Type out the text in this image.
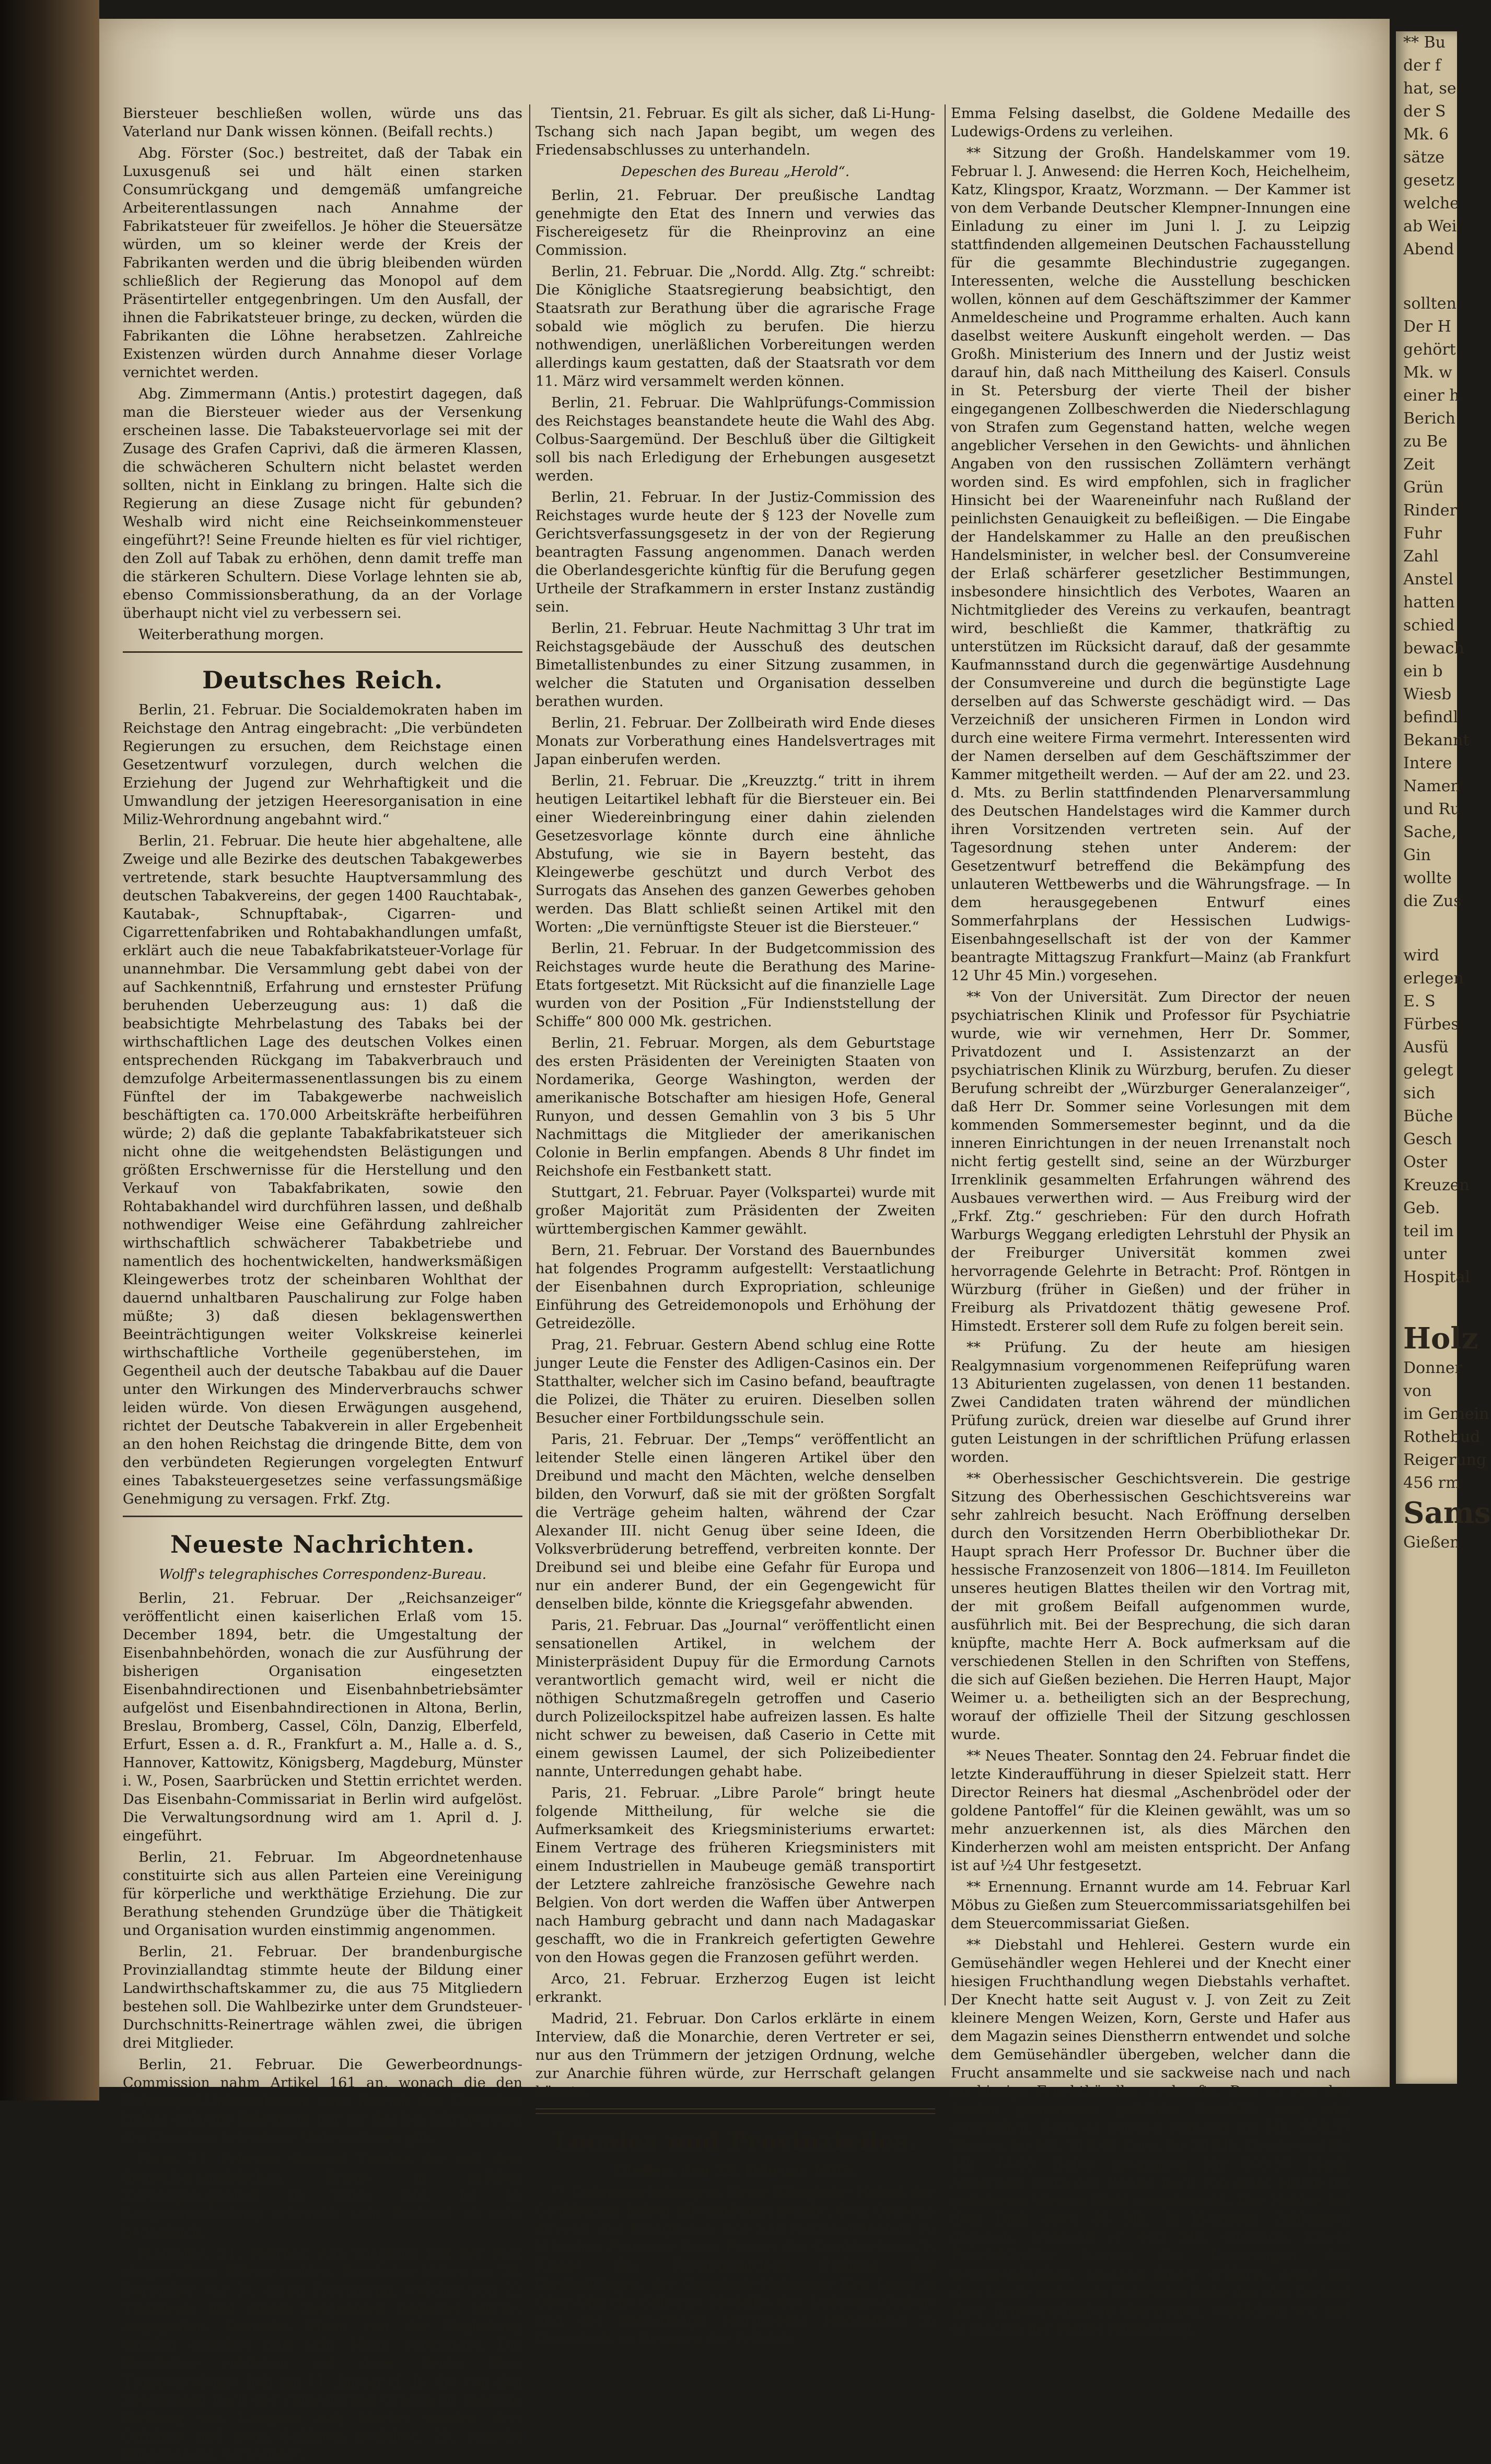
Biersteuer beschließen wollen, würde uns das Vaterland nur Dank wissen können. (Beifall rechts.)

Abg. Förster (Soc.) bestreitet, daß der Tabak ein Luxusgenuß sei und hält einen starken Consumrückgang und demgemäß umfangreiche Arbeiterentlassungen nach Annahme der Fabrikatsteuer für zweifellos. Je höher die Steuersätze würden, um so kleiner werde der Kreis der Fabrikanten werden und die übrig bleibenden würden schließlich der Regierung das Monopol auf dem Präsentirteller entgegenbringen. Um den Ausfall, der ihnen die Fabrikatsteuer bringe, zu decken, würden die Fabrikanten die Löhne herabsetzen. Zahlreiche Existenzen würden durch Annahme dieser Vorlage vernichtet werden.

Abg. Zimmermann (Antis.) protestirt dagegen, daß man die Biersteuer wieder aus der Versenkung erscheinen lasse. Die Tabaksteuervorlage sei mit der Zusage des Grafen Caprivi, daß die ärmeren Klassen, die schwächeren Schultern nicht belastet werden sollten, nicht in Einklang zu bringen. Halte sich die Regierung an diese Zusage nicht für gebunden? Weshalb wird nicht eine Reichseinkommensteuer eingeführt?! Seine Freunde hielten es für viel richtiger, den Zoll auf Tabak zu erhöhen, denn damit treffe man die stärkeren Schultern. Diese Vorlage lehnten sie ab, ebenso Commissionsberathung, da an der Vorlage überhaupt nicht viel zu verbessern sei.

Weiterberathung morgen.

Deutsches Reich.

Berlin, 21. Februar. Die Socialdemokraten haben im Reichstage den Antrag eingebracht: „Die verbündeten Regierungen zu ersuchen, dem Reichstage einen Gesetzentwurf vorzulegen, durch welchen die Erziehung der Jugend zur Wehrhaftigkeit und die Umwandlung der jetzigen Heeresorganisation in eine Miliz-Wehrordnung angebahnt wird.“

Berlin, 21. Februar. Die heute hier abgehaltene, alle Zweige und alle Bezirke des deutschen Tabakgewerbes vertretende, stark besuchte Hauptversammlung des deutschen Tabakvereins, der gegen 1400 Rauchtabak-, Kautabak-, Schnupftabak-, Cigarren- und Cigarrettenfabriken und Rohtabakhandlungen umfaßt, erklärt auch die neue Tabakfabrikatsteuer-Vorlage für unannehmbar. Die Versammlung gebt dabei von der auf Sachkenntniß, Erfahrung und ernstester Prüfung beruhenden Ueberzeugung aus: 1) daß die beabsichtigte Mehrbelastung des Tabaks bei der wirthschaftlichen Lage des deutschen Volkes einen entsprechenden Rückgang im Tabakverbrauch und demzufolge Arbeitermassenentlassungen bis zu einem Fünftel der im Tabakgewerbe nachweislich beschäftigten ca. 170.000 Arbeitskräfte herbeiführen würde; 2) daß die geplante Tabakfabrikatsteuer sich nicht ohne die weitgehendsten Belästigungen und größten Erschwernisse für die Herstellung und den Verkauf von Tabakfabrikaten, sowie den Rohtabakhandel wird durchführen lassen, und deßhalb nothwendiger Weise eine Gefährdung zahlreicher wirthschaftlich schwächerer Tabakbetriebe und namentlich des hochentwickelten, handwerksmäßigen Kleingewerbes trotz der scheinbaren Wohlthat der dauernd unhaltbaren Pauschalirung zur Folge haben müßte; 3) daß diesen beklagenswerthen Beeinträchtigungen weiter Volkskreise keinerlei wirthschaftliche Vortheile gegenüberstehen, im Gegentheil auch der deutsche Tabakbau auf die Dauer unter den Wirkungen des Minderverbrauchs schwer leiden würde. Von diesen Erwägungen ausgehend, richtet der Deutsche Tabakverein in aller Ergebenheit an den hohen Reichstag die dringende Bitte, dem von den verbündeten Regierungen vorgelegten Entwurf eines Tabaksteuergesetzes seine verfassungsmäßige Genehmigung zu versagen. Frkf. Ztg.

Neueste Nachrichten.
Wolff's telegraphisches Correspondenz-Bureau.

Berlin, 21. Februar. Der „Reichsanzeiger“ veröffentlicht einen kaiserlichen Erlaß vom 15. December 1894, betr. die Umgestaltung der Eisenbahnbehörden, wonach die zur Ausführung der bisherigen Organisation eingesetzten Eisenbahndirectionen und Eisenbahnbetriebsämter aufgelöst und Eisenbahndirectionen in Altona, Berlin, Breslau, Bromberg, Cassel, Cöln, Danzig, Elberfeld, Erfurt, Essen a. d. R., Frankfurt a. M., Halle a. d. S., Hannover, Kattowitz, Königsberg, Magdeburg, Münster i. W., Posen, Saarbrücken und Stettin errichtet werden. Das Eisenbahn-Commissariat in Berlin wird aufgelöst. Die Verwaltungsordnung wird am 1. April d. J. eingeführt.

Berlin, 21. Februar. Im Abgeordnetenhause constituirte sich aus allen Parteien eine Vereinigung für körperliche und werkthätige Erziehung. Die zur Berathung stehenden Grundzüge über die Thätigkeit und Organisation wurden einstimmig angenommen.

Berlin, 21. Februar. Der brandenburgische Provinziallandtag stimmte heute der Bildung einer Landwirthschaftskammer zu, die aus 75 Mitgliedern bestehen soll. Die Wahlbezirke unter dem Grundsteuer-Durchschnitts-Reinertrage wählen zwei, die übrigen drei Mitglieder.

Berlin, 21. Februar. Die Gewerbeordnungs-Commission nahm Artikel 161 an, wonach die den Schauspiel-Unternehmern zum Betrieb des Gewerbes bisher ertheilte Erlaubniß nur für das bei Inkrafttreten des Gesetzes betriebene Unternehmen gilt.

Paris, 21. Februar. General Trochu, der seit dem deutsch-französischen Kriege in größter Zurückgezogenheit in Tours lebt, ist an Lungenentzündung erkrankt; sein Zustand ist sehr bedenklich.

Marseille, 21. Februar. Aus Tongking mit der Post eingetroffene Blätter melden, Seeräuber hätten am 20. December vor. Js. einen Provianzug, welcher von 22 Tirailleurs und einem Sergeanten begleitet wurde, angegriffen. Dreizehn Mann von der Begleitung wurden getödtet und acht Mann verwundet. Die Seeräuber entflohen mit ihrer Beute. Eine Truppencolonne hob am 11. Januar d. Js. die von den Seeräubern nach der chinesischen Grenze zu besetzte Stellung von Langwai auf; hierbei wurden drei Offiziere und neun Soldaten getödtet, 23, zumeist Eingeborene, verwundet.

Tientsin, 21. Februar. Es gilt als sicher, daß Li-Hung-Tschang sich nach Japan begibt, um wegen des Friedensabschlusses zu unterhandeln.

Depeschen des Bureau „Herold“.

Berlin, 21. Februar. Der preußische Landtag genehmigte den Etat des Innern und verwies das Fischereigesetz für die Rheinprovinz an eine Commission.

Berlin, 21. Februar. Die „Nordd. Allg. Ztg.“ schreibt: Die Königliche Staatsregierung beabsichtigt, den Staatsrath zur Berathung über die agrarische Frage sobald wie möglich zu berufen. Die hierzu nothwendigen, unerläßlichen Vorbereitungen werden allerdings kaum gestatten, daß der Staatsrath vor dem 11. März wird versammelt werden können.

Berlin, 21. Februar. Die Wahlprüfungs-Commission des Reichstages beanstandete heute die Wahl des Abg. Colbus-Saargemünd. Der Beschluß über die Giltigkeit soll bis nach Erledigung der Erhebungen ausgesetzt werden.

Berlin, 21. Februar. In der Justiz-Commission des Reichstages wurde heute der § 123 der Novelle zum Gerichtsverfassungsgesetz in der von der Regierung beantragten Fassung angenommen. Danach werden die Oberlandesgerichte künftig für die Berufung gegen Urtheile der Strafkammern in erster Instanz zuständig sein.

Berlin, 21. Februar. Heute Nachmittag 3 Uhr trat im Reichstagsgebäude der Ausschuß des deutschen Bimetallistenbundes zu einer Sitzung zusammen, in welcher die Statuten und Organisation desselben berathen wurden.

Berlin, 21. Februar. Der Zollbeirath wird Ende dieses Monats zur Vorberathung eines Handelsvertrages mit Japan einberufen werden.

Berlin, 21. Februar. Die „Kreuzztg.“ tritt in ihrem heutigen Leitartikel lebhaft für die Biersteuer ein. Bei einer Wiedereinbringung einer dahin zielenden Gesetzesvorlage könnte durch eine ähnliche Abstufung, wie sie in Bayern besteht, das Kleingewerbe geschützt und durch Verbot des Surrogats das Ansehen des ganzen Gewerbes gehoben werden. Das Blatt schließt seinen Artikel mit den Worten: „Die vernünftigste Steuer ist die Biersteuer.“

Berlin, 21. Februar. In der Budgetcommission des Reichstages wurde heute die Berathung des Marine-Etats fortgesetzt. Mit Rücksicht auf die finanzielle Lage wurden von der Position „Für Indienststellung der Schiffe“ 800 000 Mk. gestrichen.

Berlin, 21. Februar. Morgen, als dem Geburtstage des ersten Präsidenten der Vereinigten Staaten von Nordamerika, George Washington, werden der amerikanische Botschafter am hiesigen Hofe, General Runyon, und dessen Gemahlin von 3 bis 5 Uhr Nachmittags die Mitglieder der amerikanischen Colonie in Berlin empfangen. Abends 8 Uhr findet im Reichshofe ein Festbankett statt.

Stuttgart, 21. Februar. Payer (Volkspartei) wurde mit großer Majorität zum Präsidenten der Zweiten württembergischen Kammer gewählt.

Bern, 21. Februar. Der Vorstand des Bauernbundes hat folgendes Programm aufgestellt: Verstaatlichung der Eisenbahnen durch Expropriation, schleunige Einführung des Getreidemonopols und Erhöhung der Getreidezölle.

Prag, 21. Februar. Gestern Abend schlug eine Rotte junger Leute die Fenster des Adligen-Casinos ein. Der Statthalter, welcher sich im Casino befand, beauftragte die Polizei, die Thäter zu eruiren. Dieselben sollen Besucher einer Fortbildungsschule sein.

Paris, 21. Februar. Der „Temps“ veröffentlicht an leitender Stelle einen längeren Artikel über den Dreibund und macht den Mächten, welche denselben bilden, den Vorwurf, daß sie mit der größten Sorgfalt die Verträge geheim halten, während der Czar Alexander III. nicht Genug über seine Ideen, die Volksverbrüderung betreffend, verbreiten konnte. Der Dreibund sei und bleibe eine Gefahr für Europa und nur ein anderer Bund, der ein Gegengewicht für denselben bilde, könnte die Kriegsgefahr abwenden.

Paris, 21. Februar. Das „Journal“ veröffentlicht einen sensationellen Artikel, in welchem der Ministerpräsident Dupuy für die Ermordung Carnots verantwortlich gemacht wird, weil er nicht die nöthigen Schutzmaßregeln getroffen und Caserio durch Polizeilockspitzel habe aufreizen lassen. Es halte nicht schwer zu beweisen, daß Caserio in Cette mit einem gewissen Laumel, der sich Polizeibedienter nannte, Unterredungen gehabt habe.

Paris, 21. Februar. „Libre Parole“ bringt heute folgende Mittheilung, für welche sie die Aufmerksamkeit des Kriegsministeriums erwartet: Einem Vertrage des früheren Kriegsministers mit einem Industriellen in Maubeuge gemäß transportirt der Letztere zahlreiche französische Gewehre nach Belgien. Von dort werden die Waffen über Antwerpen nach Hamburg gebracht und dann nach Madagaskar geschafft, wo die in Frankreich gefertigten Gewehre von den Howas gegen die Franzosen geführt werden.

Arco, 21. Februar. Erzherzog Eugen ist leicht erkrankt.

Madrid, 21. Februar. Don Carlos erklärte in einem Interview, daß die Monarchie, deren Vertreter er sei, nur aus den Trümmern der jetzigen Ordnung, welche zur Anarchie führen würde, zur Herrschaft gelangen könnte.

Locales und Provinzielles.

Gießen, den 22. Februar 1895.

** Ordensverleihungen. Seine Königliche Hoheit der Großherzog haben Allergnädigst geruht, dem General-director des Königlichen Hof- und Nationaltheaters zu München Professor Ernst Possart das Comthurkreuz 2. Klasse des Verdienstordens Philipps des Großmüthigen, der Gemeinde-Hebamme Eva Louis in Ober-Olm die Silberne Medaille des Ludewigs-Ordens und der Dienstmagd Margarethe Hildebrand in Darmstadt, in Diensten der Fräulein

Emma Felsing daselbst, die Goldene Medaille des Ludewigs-Ordens zu verleihen.

** Sitzung der Großh. Handelskammer vom 19. Februar l. J. Anwesend: die Herren Koch, Heichelheim, Katz, Klingspor, Kraatz, Worzmann. — Der Kammer ist von dem Verbande Deutscher Klempner-Innungen eine Einladung zu einer im Juni l. J. zu Leipzig stattfindenden allgemeinen Deutschen Fachausstellung für die gesammte Blechindustrie zugegangen. Interessenten, welche die Ausstellung beschicken wollen, können auf dem Geschäftszimmer der Kammer Anmeldescheine und Programme erhalten. Auch kann daselbst weitere Auskunft eingeholt werden. — Das Großh. Ministerium des Innern und der Justiz weist darauf hin, daß nach Mittheilung des Kaiserl. Consuls in St. Petersburg der vierte Theil der bisher eingegangenen Zollbeschwerden die Niederschlagung von Strafen zum Gegenstand hatten, welche wegen angeblicher Versehen in den Gewichts- und ähnlichen Angaben von den russischen Zollämtern verhängt worden sind. Es wird empfohlen, sich in fraglicher Hinsicht bei der Waareneinfuhr nach Rußland der peinlichsten Genauigkeit zu befleißigen. — Die Eingabe der Handelskammer zu Halle an den preußischen Handelsminister, in welcher besl. der Consumvereine der Erlaß schärferer gesetzlicher Bestimmungen, insbesondere hinsichtlich des Verbotes, Waaren an Nichtmitglieder des Vereins zu verkaufen, beantragt wird, beschließt die Kammer, thatkräftig zu unterstützen im Rücksicht darauf, daß der gesammte Kaufmannsstand durch die gegenwärtige Ausdehnung der Consumvereine und durch die begünstigte Lage derselben auf das Schwerste geschädigt wird. — Das Verzeichniß der unsicheren Firmen in London wird durch eine weitere Firma vermehrt. Interessenten wird der Namen derselben auf dem Geschäftszimmer der Kammer mitgetheilt werden. — Auf der am 22. und 23. d. Mts. zu Berlin stattfindenden Plenarversammlung des Deutschen Handelstages wird die Kammer durch ihren Vorsitzenden vertreten sein. Auf der Tagesordnung stehen unter Anderem: der Gesetzentwurf betreffend die Bekämpfung des unlauteren Wettbewerbs und die Währungsfrage. — In dem herausgegebenen Entwurf eines Sommerfahrplans der Hessischen Ludwigs-Eisenbahngesellschaft ist der von der Kammer beantragte Mittagszug Frankfurt—Mainz (ab Frankfurt 12 Uhr 45 Min.) vorgesehen.

** Von der Universität. Zum Director der neuen psychiatrischen Klinik und Professor für Psychiatrie wurde, wie wir vernehmen, Herr Dr. Sommer, Privatdozent und I. Assistenzarzt an der psychiatrischen Klinik zu Würzburg, berufen. Zu dieser Berufung schreibt der „Würzburger Generalanzeiger“, daß Herr Dr. Sommer seine Vorlesungen mit dem kommenden Sommersemester beginnt, und da die inneren Einrichtungen in der neuen Irrenanstalt noch nicht fertig gestellt sind, seine an der Würzburger Irrenklinik gesammelten Erfahrungen während des Ausbaues verwerthen wird. — Aus Freiburg wird der „Frkf. Ztg.“ geschrieben: Für den durch Hofrath Warburgs Weggang erledigten Lehrstuhl der Physik an der Freiburger Universität kommen zwei hervorragende Gelehrte in Betracht: Prof. Röntgen in Würzburg (früher in Gießen) und der früher in Freiburg als Privatdozent thätig gewesene Prof. Himstedt. Ersterer soll dem Rufe zu folgen bereit sein.

** Prüfung. Zu der heute am hiesigen Realgymnasium vorgenommenen Reifeprüfung waren 13 Abiturienten zugelassen, von denen 11 bestanden. Zwei Candidaten traten während der mündlichen Prüfung zurück, dreien war dieselbe auf Grund ihrer guten Leistungen in der schriftlichen Prüfung erlassen worden.

** Oberhessischer Geschichtsverein. Die gestrige Sitzung des Oberhessischen Geschichtsvereins war sehr zahlreich besucht. Nach Eröffnung derselben durch den Vorsitzenden Herrn Oberbibliothekar Dr. Haupt sprach Herr Professor Dr. Buchner über die hessische Franzosenzeit von 1806—1814. Im Feuilleton unseres heutigen Blattes theilen wir den Vortrag mit, der mit großem Beifall aufgenommen wurde, ausführlich mit. Bei der Besprechung, die sich daran knüpfte, machte Herr A. Bock aufmerksam auf die verschiedenen Stellen in den Schriften von Steffens, die sich auf Gießen beziehen. Die Herren Haupt, Major Weimer u. a. betheiligten sich an der Besprechung, worauf der offizielle Theil der Sitzung geschlossen wurde.

** Neues Theater. Sonntag den 24. Februar findet die letzte Kinderaufführung in dieser Spielzeit statt. Herr Director Reiners hat diesmal „Aschenbrödel oder der goldene Pantoffel“ für die Kleinen gewählt, was um so mehr anzuerkennen ist, als dies Märchen den Kinderherzen wohl am meisten entspricht. Der Anfang ist auf ½4 Uhr festgesetzt.

** Ernennung. Ernannt wurde am 14. Februar Karl Möbus zu Gießen zum Steuercommissariatsgehilfen bei dem Steuercommissariat Gießen.

** Diebstahl und Hehlerei. Gestern wurde ein Gemüsehändler wegen Hehlerei und der Knecht einer hiesigen Fruchthandlung wegen Diebstahls verhaftet. Der Knecht hatte seit August v. J. von Zeit zu Zeit kleinere Mengen Weizen, Korn, Gerste und Hafer aus dem Magazin seines Dienstherrn entwendet und solche dem Gemüsehändler übergeben, welcher dann die Frucht ansammelte und sie sackweise nach und nach an hiesige Fruchthändler verkaufte. Das so von den beiden gemeinsam geführte Geschäft war sehr einträglich, denn es wurden verkauft für Mk. 258,57 Weizen, für Mk. 210,48 Korn, für 20 Mk. Gerste und für Mk. 14,85 Hafer, zusammen für 503,90 Mark. Außerdem hatte der Hehler noch von einer Mühle für geliefertes Weizen Mehl eingetauscht. Der Hehler hat dem Dieb etwa 40 Mk. in kleineren Zahlungen gegeben, während er 463 Mk. einstrich. Einem Fruchthändler kamen die Lieferungen des Gemüsehändlers, obschon dieser erklärte, seine auf dem Lande wohnende Schwester habe ihm den Verkauf ihrer Ernteerträgnisse übertragen, verdächtig vor und er machte der Polizei Mittheilung.

** Bu
der f
hat, se
der S
Mk. 6
sätze
gesetz
welche
ab Wei
Abend
sollten
Der H
gehört
Mk. w
einer h
Berich
zu Be
Zeit
Grün
Rinder
Fuhr
Zahl
Anstel
hatten
schied
bewach
ein b
Wiesb
befindl
Bekannt
Intere
Namen
und Ru
Sache,
Gin
wollte
die Zus
wird
erlegen
E. S
Fürbes
Ausfü
gelegt
sich
Büche
Gesch
Oster
Kreuzen
Geb.
teil im
unter
Hospital
Holz
Donner
von
im Gemein
Rothebud
Reigerung
456 rm
Sams
Gießen
